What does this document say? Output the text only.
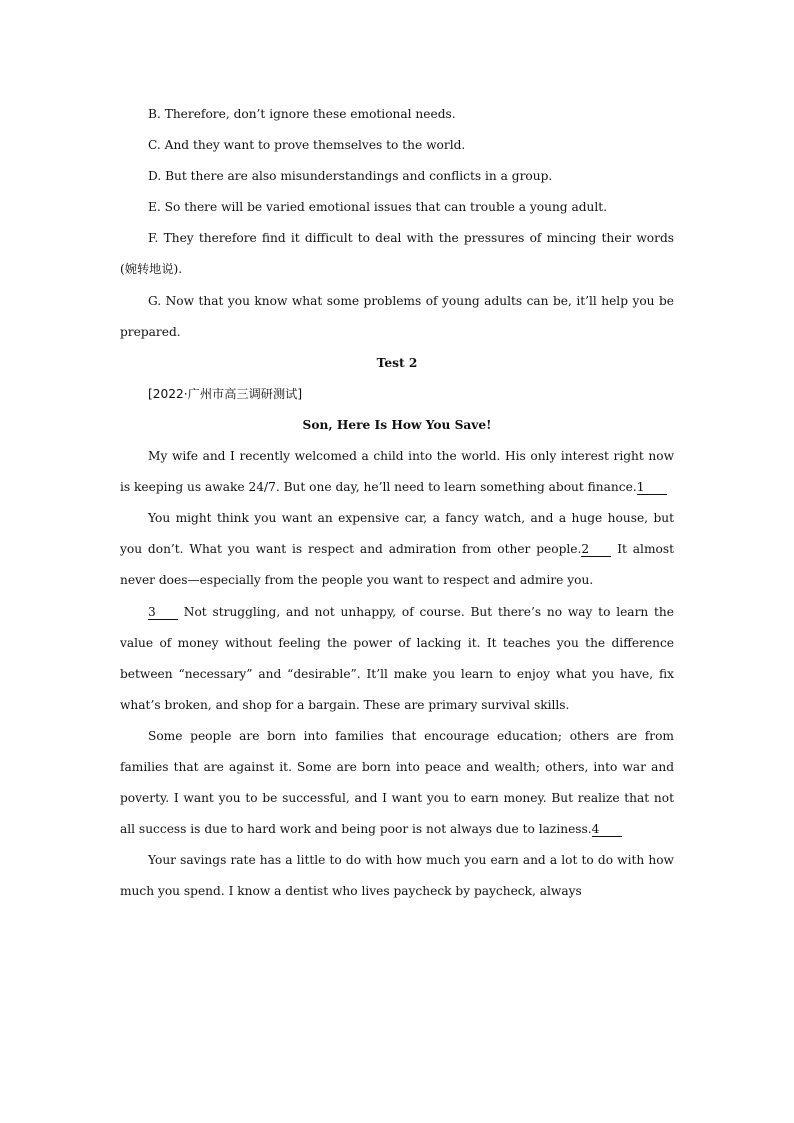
B. Therefore, don’t ignore these emotional needs.

C. And they want to prove themselves to the world.

D. But there are also misunderstandings and conflicts in a group.

E. So there will be varied emotional issues that can trouble a young adult.

F. They therefore find it difficult to deal with the pressures of mincing their words (婉转地说).

G. Now that you know what some problems of young adults can be, it’ll help you be prepared.

Test 2

[2022·广州市高三调研测试]

Son, Here Is How You Save!

My wife and I recently welcomed a child into the world. His only interest right now is keeping us awake 24/7. But one day, he’ll need to learn something about finance.1

You might think you want an expensive car, a fancy watch, and a huge house, but you don’t. What you want is respect and admiration from other people.2 It almost never does—especially from the people you want to respect and admire you.

3 Not struggling, and not unhappy, of course. But there’s no way to learn the value of money without feeling the power of lacking it. It teaches you the difference between “necessary” and “desirable”. It’ll make you learn to enjoy what you have, fix what’s broken, and shop for a bargain. These are primary survival skills.

Some people are born into families that encourage education; others are from families that are against it. Some are born into peace and wealth; others, into war and poverty. I want you to be successful, and I want you to earn money. But realize that not all success is due to hard work and being poor is not always due to laziness.4

Your savings rate has a little to do with how much you earn and a lot to do with how much you spend. I know a dentist who lives paycheck by paycheck, always
